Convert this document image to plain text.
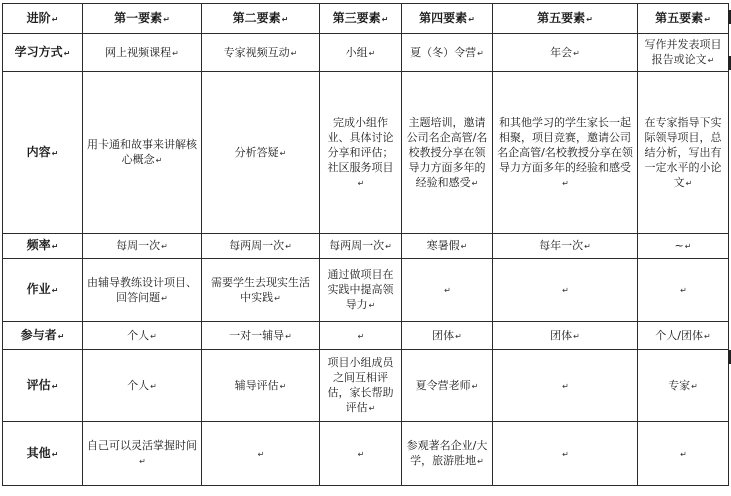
进阶↵	第一要素↵	第二要素↵	第三要素↵	第四要素↵	第五要素↵	第五要素↵
学习方式↵	网上视频课程↵	专家视频互动↵	小组↵	夏（冬）令营↵	年会↵	写作并发表项目报告或论文↵
内容↵	用卡通和故事来讲解核心概念↵	分析答疑↵	完成小组作业、具体讨论分享和评估；社区服务项目↵	主题培训，邀请公司名企高管/名校教授分享在领导力方面多年的经验和感受↵	和其他学习的学生家长一起相聚，项目竞赛，邀请公司名企高管/名校教授分享在领导力方面多年的经验和感受↵	在专家指导下实际领导项目，总结分析，写出有一定水平的小论文↵
频率↵	每周一次↵	每两周一次↵	每两周一次↵	寒暑假↵	每年一次↵	~↵
作业↵	由辅导教练设计项目、回答问题↵	需要学生去现实生活中实践↵	通过做项目在实践中提高领导力↵	↵	↵	↵
参与者↵	个人↵	一对一辅导↵	↵	团体↵	团体↵	个人/团体↵
评估↵	个人↵	辅导评估↵	项目小组成员之间互相评估，家长帮助评估↵	夏令营老师↵	↵	专家↵
其他↵	自己可以灵活掌握时间↵	↵	↵	参观著名企业/大学，旅游胜地↵	↵	↵
